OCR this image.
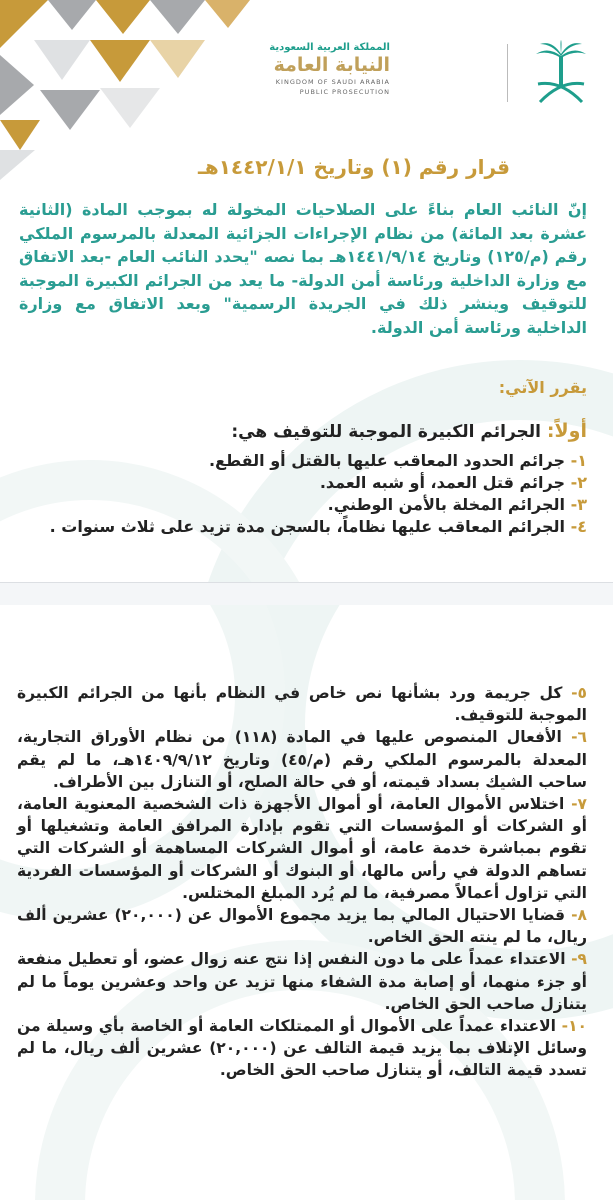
المملكة العربية السعودية
النيابة العامة
KINGDOM OF SAUDI ARABIA
PUBLIC PROSECUTION
قرار رقم (١) وتاريخ ١٤٤٢/١/١هـ
إنّ النائب العام بناءً على الصلاحيات المخولة له بموجب المادة (الثانية عشرة بعد المائة) من نظام الإجراءات الجزائية المعدلة بالمرسوم الملكي رقم (م/١٢٥) وتاريخ ١٤٤١/٩/١٤هـ بما نصه "يحدد النائب العام -بعد الاتفاق مع وزارة الداخلية ورئاسة أمن الدولة- ما يعد من الجرائم الكبيرة الموجبة للتوقيف وينشر ذلك في الجريدة الرسمية" وبعد الاتفاق مع وزارة الداخلية ورئاسة أمن الدولة.
يقرر الآتي:
أولاً: الجرائم الكبيرة الموجبة للتوقيف هي:
١- جرائم الحدود المعاقب عليها بالقتل أو القطع.
٢- جرائم قتل العمد، أو شبه العمد.
٣- الجرائم المخلة بالأمن الوطني.
٤- الجرائم المعاقب عليها نظاماً، بالسجن مدة تزيد على ثلاث سنوات .

٥- كل جريمة ورد بشأنها نص خاص في النظام بأنها من الجرائم الكبيرة الموجبة للتوقيف.

٦- الأفعال المنصوص عليها في المادة (١١٨) من نظام الأوراق التجارية، المعدلة بالمرسوم الملكي رقم (م/٤٥) وتاريخ ١٤٠٩/٩/١٢هـ، ما لم يقم ساحب الشيك بسداد قيمته، أو في حالة الصلح، أو التنازل بين الأطراف.

٧- اختلاس الأموال العامة، أو أموال الأجهزة ذات الشخصية المعنوية العامة، أو الشركات أو المؤسسات التي تقوم بإدارة المرافق العامة وتشغيلها أو تقوم بمباشرة خدمة عامة، أو أموال الشركات المساهمة أو الشركات التي تساهم الدولة في رأس مالها، أو البنوك أو الشركات أو المؤسسات الفردية التي تزاول أعمالاً مصرفية، ما لم يُرد المبلغ المختلس.

٨- قضايا الاحتيال المالي بما يزيد مجموع الأموال عن (٢٠,٠٠٠) عشرين ألف ريال، ما لم ينته الحق الخاص.

٩- الاعتداء عمداً على ما دون النفس إذا نتج عنه زوال عضو، أو تعطيل منفعة أو جزء منهما، أو إصابة مدة الشفاء منها تزيد عن واحد وعشرين يوماً ما لم يتنازل صاحب الحق الخاص.

١٠- الاعتداء عمداً على الأموال أو الممتلكات العامة أو الخاصة بأي وسيلة من وسائل الإتلاف بما يزيد قيمة التالف عن (٢٠,٠٠٠) عشرين ألف ريال، ما لم تسدد قيمة التالف، أو يتنازل صاحب الحق الخاص.
